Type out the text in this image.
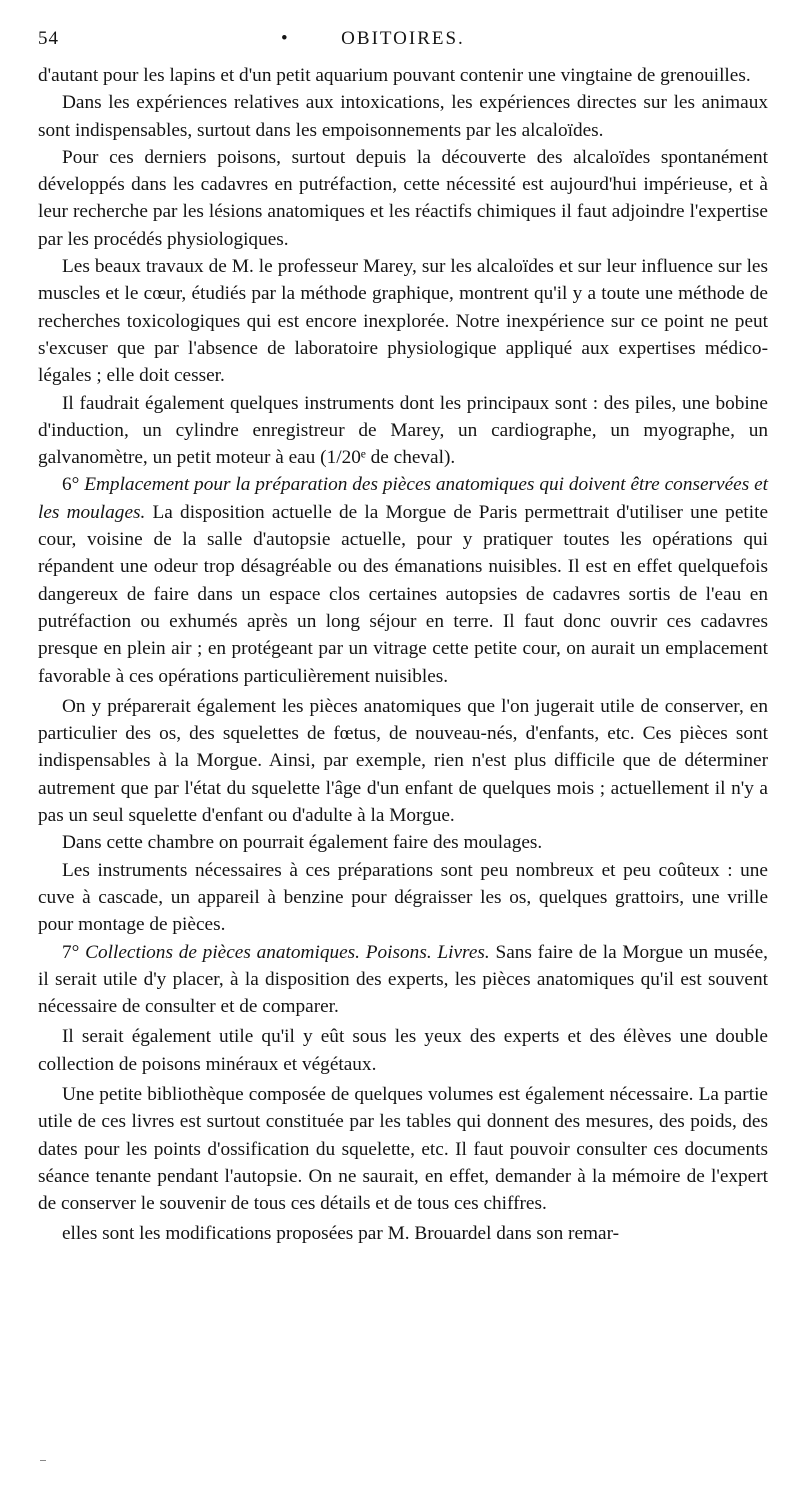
54	•	OBITOIRES.

d'autant pour les lapins et d'un petit aquarium pouvant contenir une vingtaine de grenouilles.

Dans les expériences relatives aux intoxications, les expériences directes sur les animaux sont indispensables, surtout dans les empoisonnements par les alcaloïdes.

Pour ces derniers poisons, surtout depuis la découverte des alcaloïdes spontanément développés dans les cadavres en putréfaction, cette nécessité est aujourd'hui impérieuse, et à leur recherche par les lésions anatomiques et les réactifs chimiques il faut adjoindre l'expertise par les procédés physiologiques.

Les beaux travaux de M. le professeur Marey, sur les alcaloïdes et sur leur influence sur les muscles et le cœur, étudiés par la méthode graphique, montrent qu'il y a toute une méthode de recherches toxicologiques qui est encore inexplorée. Notre inexpérience sur ce point ne peut s'excuser que par l'absence de laboratoire physiologique appliqué aux expertises médico-légales ; elle doit cesser.

Il faudrait également quelques instruments dont les principaux sont : des piles, une bobine d'induction, un cylindre enregistreur de Marey, un cardiographe, un myographe, un galvanomètre, un petit moteur à eau (1/20ᵉ de cheval).

6° Emplacement pour la préparation des pièces anatomiques qui doivent être conservées et les moulages. La disposition actuelle de la Morgue de Paris permettrait d'utiliser une petite cour, voisine de la salle d'autopsie actuelle, pour y pratiquer toutes les opérations qui répandent une odeur trop désagréable ou des émanations nuisibles. Il est en effet quelquefois dangereux de faire dans un espace clos certaines autopsies de cadavres sortis de l'eau en putréfaction ou exhumés après un long séjour en terre. Il faut donc ouvrir ces cadavres presque en plein air ; en protégeant par un vitrage cette petite cour, on aurait un emplacement favorable à ces opérations particulièrement nuisibles.

On y préparerait également les pièces anatomiques que l'on jugerait utile de conserver, en particulier des os, des squelettes de fœtus, de nouveau-nés, d'enfants, etc. Ces pièces sont indispensables à la Morgue. Ainsi, par exemple, rien n'est plus difficile que de déterminer autrement que par l'état du squelette l'âge d'un enfant de quelques mois ; actuellement il n'y a pas un seul squelette d'enfant ou d'adulte à la Morgue.

Dans cette chambre on pourrait également faire des moulages.

Les instruments nécessaires à ces préparations sont peu nombreux et peu coûteux : une cuve à cascade, un appareil à benzine pour dégraisser les os, quelques grattoirs, une vrille pour montage de pièces.

7° Collections de pièces anatomiques. Poisons. Livres. Sans faire de la Morgue un musée, il serait utile d'y placer, à la disposition des experts, les pièces anatomiques qu'il est souvent nécessaire de consulter et de comparer.

Il serait également utile qu'il y eût sous les yeux des experts et des élèves une double collection de poisons minéraux et végétaux.

Une petite bibliothèque composée de quelques volumes est également nécessaire. La partie utile de ces livres est surtout constituée par les tables qui donnent des mesures, des poids, des dates pour les points d'ossification du squelette, etc. Il faut pouvoir consulter ces documents séance tenante pendant l'autopsie. On ne saurait, en effet, demander à la mémoire de l'expert de conserver le souvenir de tous ces détails et de tous ces chiffres.

elles sont les modifications proposées par M. Brouardel dans son remar-
